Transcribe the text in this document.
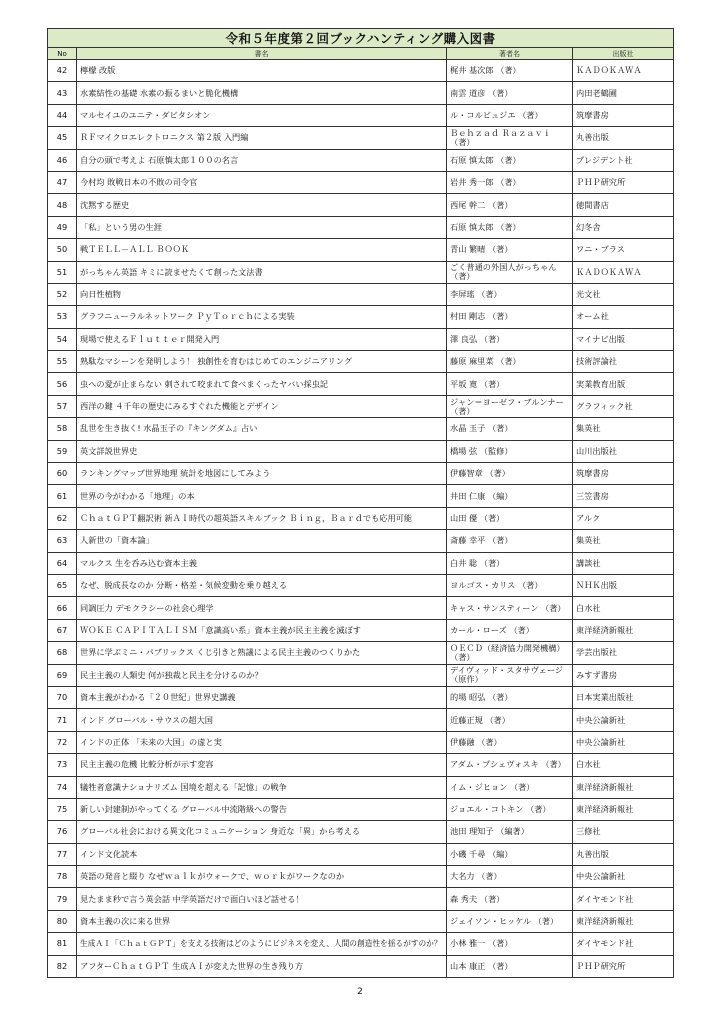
令和５年度第２回ブックハンティング購入図書			
No	書名	著者名	出版社
42	檸檬 改版	梶井 基次郎 （著）	ＫＡＤＯＫＡＷＡ
43	水素結性の基礎 水素の振るまいと脆化機構	南雲 道彦 （著）	内田老鶴圃
44	マルセイユのユニテ・ダビタシオン	ル・コルビュジエ （著）	筑摩書房
45	ＲＦマイクロエレクトロニクス 第２版 入門編	Ｂｅｈｚａｄ Ｒａｚａｖｉ （著）	丸善出版
46	自分の頭で考えよ 石原慎太郎１００の名言	石原 慎太郎 （著）	プレジデント社
47	今村均 敗戦日本の不敗の司令官	岩井 秀一郎 （著）	ＰＨＰ研究所
48	沈黙する歴史	西尾 幹二 （著）	徳間書店
49	「私」という男の生涯	石原 慎太郎 （著）	幻冬舎
50	戦ＴＥＬＬ－ＡＬＬ ＢＯＯＫ	青山 繁晴 （著）	ワニ・プラス
51	がっちゃん英語 キミに読ませたくて創った文法書	ごく普通の外国人がっちゃん （著）	ＫＡＤＯＫＡＷＡ
52	向日性植物	李屏瑤 （著）	光文社
53	グラフニューラルネットワーク ＰｙＴｏｒｃｈによる実装	村田 剛志 （著）	オーム社
54	現場で使えるＦｌｕｔｔｅｒ開発入門	澤 良弘 （著）	マイナビ出版
55	熟駄なマシーンを発明しよう！ 独創性を育むはじめてのエンジニアリング	藤原 麻里菜 （著）	技術評論社
56	虫への愛が止まらない 刺されて咬まれて食べまくったヤバい採虫記	平坂 寛 （著）	実業教育出版
57	西洋の鍵 ４千年の歴史にみるすぐれた機能とデザイン	ジャン＝ヨーゼフ・ブルンナー （著）	グラフィック社
58	乱世を生き抜く! 水晶玉子の『キングダム』占い	水晶 玉子 （著）	集英社
59	英文詳説世界史	橋場 弦 （監修）	山川出版社
60	ランキングマップ世界地理 統計を地図にしてみよう	伊藤智章 （著）	筑摩書房
61	世界の今がわかる「地理」の本	井田 仁康 （編）	三笠書房
62	ＣｈａｔＧＰＴ翻訳術 新ＡＩ時代の超英語スキルブック Ｂｉｎｇ，Ｂａｒｄでも応用可能	山田 優 （著）	アルク
63	人新世の「資本論」	斎藤 幸平 （著）	集英社
64	マルクス 生を呑み込む資本主義	白井 聡 （著）	講談社
65	なぜ、脱成長なのか 分断・格差・気候変動を乗り越える	ヨルゴス・カリス （著）	ＮＨＫ出版
66	同調圧力 デモクラシーの社会心理学	キャス・サンスティーン （著）	白水社
67	ＷＯＫＥ ＣＡＰＩＴＡＬＩＳＭ「意識高い系」資本主義が民主主義を滅ぼす	カール・ローズ （著）	東洋経済新報社
68	世界に学ぶミニ・パブリックス くじ引きと熟議による民主主義のつくりかた	ＯＥＣＤ（経済協力開発機構） （著）	学芸出版社
69	民主主義の人類史 何が独裁と民主を分けるのか？	デイヴィッド・スタサヴェージ （原作）	みすず書房
70	資本主義がわかる「２０世紀」世界史講義	的場 昭弘 （著）	日本実業出版社
71	インド グローバル・サウスの超大国	近藤正規 （著）	中央公論新社
72	インドの正体 「未来の大国」の虚と実	伊藤融 （著）	中央公論新社
73	民主主義の危機 比較分析が示す変容	アダム・プシェヴォスキ （著）	白水社
74	犠牲者意識ナショナリズム 国境を超える「記憶」の戦争	イム・ジヒョン （著）	東洋経済新報社
75	新しい封建制がやってくる グローバル中流階級への警告	ジョエル・コトキン （著）	東洋経済新報社
76	グローバル社会における異文化コミュニケーション 身近な「異」から考える	池田 理知子 （編著）	三修社
77	インド文化読本	小磯 千尋 （編）	丸善出版
78	英語の発音と綴り なぜｗａｌｋがウォークで、ｗｏｒｋがワークなのか	大名力 （著）	中央公論新社
79	見たまま秒で言う英会話 中学英語だけで面白いほど話せる！	森 秀夫 （著）	ダイヤモンド社
80	資本主義の次に来る世界	ジェイソン・ヒッケル （著）	東洋経済新報社
81	生成ＡＩ「ＣｈａｔＧＰＴ」を支える技術はどのようにビジネスを変え、人間の創造性を揺るがすのか？	小林 雅一 （著）	ダイヤモンド社
82	アフターＣｈａｔＧＰＴ 生成ＡＩが変えた世界の生き残り方	山本 康正 （著）	ＰＨＰ研究所
2
